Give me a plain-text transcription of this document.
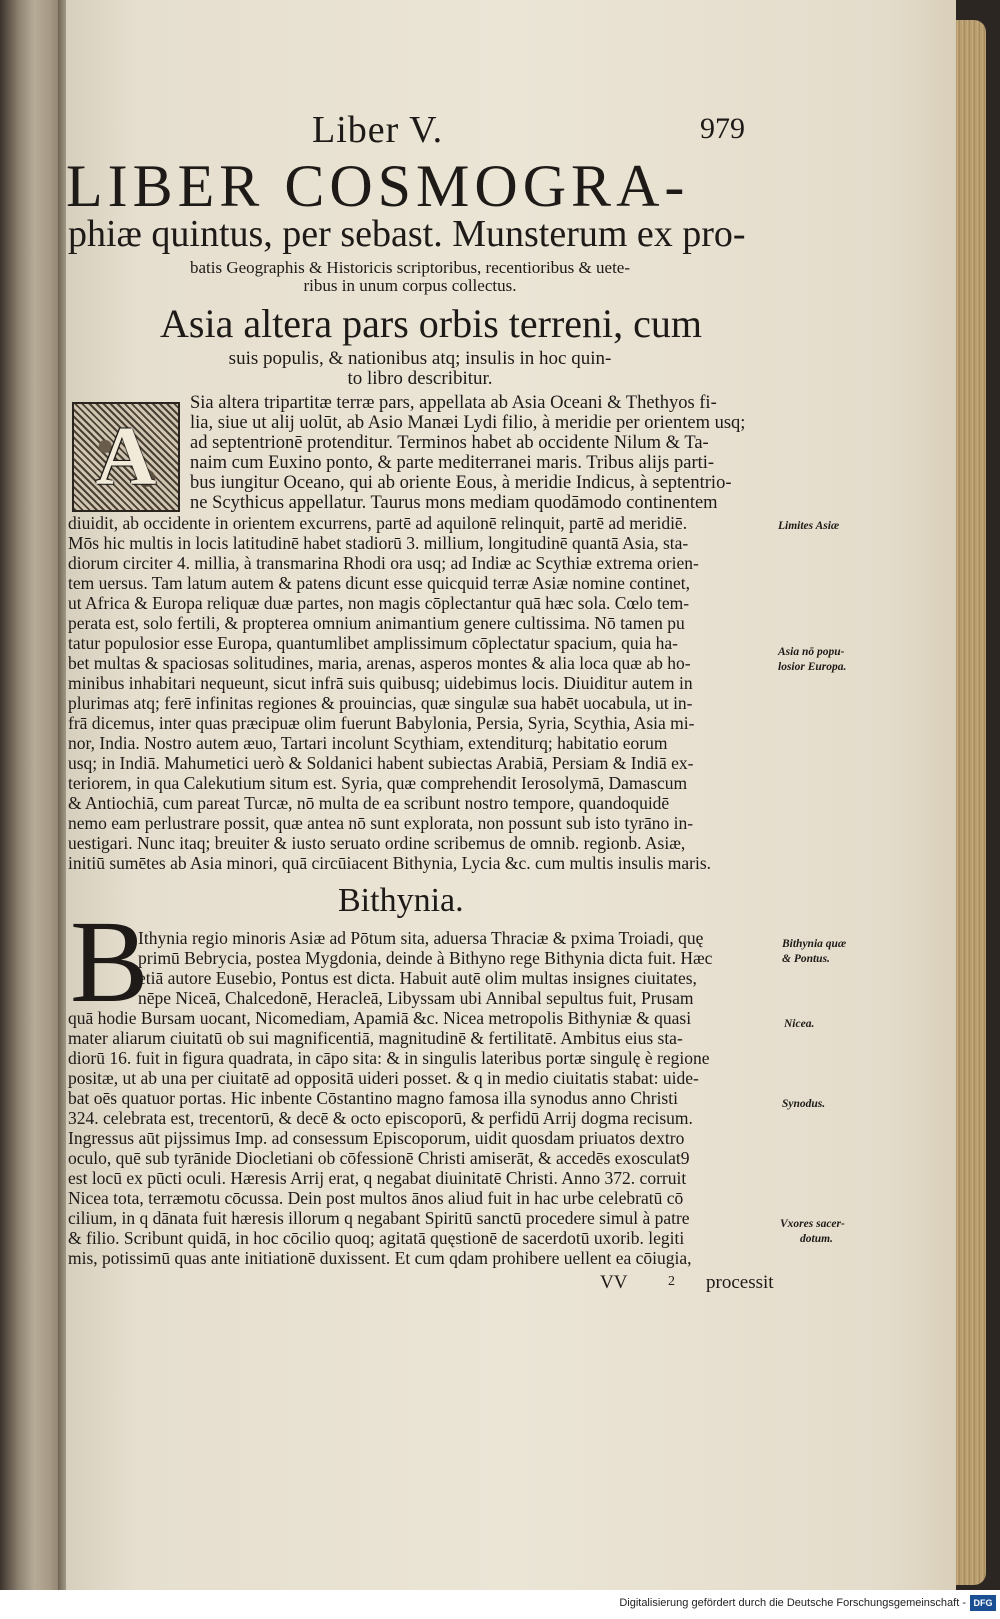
Liber V.	979
LIBER COSMOGRA-
phiæ quintus, per sebast. Munsterum ex pro-
batis Geographis & Historicis scriptoribus, recentioribus & uete-
ribus in unum corpus collectus.
Asia altera pars orbis terreni, cum
suis populis, & nationibus atq; insulis in hoc quin-
to libro describitur.
A
Sia altera tripartitæ terræ pars, appellata ab Asia Oceani & Thethyos fi-
lia, siue ut alij uolūt, ab Asio Manæi Lydi filio, à meridie per orientem usq;
ad septentrionē protenditur. Terminos habet ab occidente Nilum & Ta-
naim cum Euxino ponto, & parte mediterranei maris. Tribus alijs parti-
bus iungitur Oceano, qui ab oriente Eous, à meridie Indicus, à septentrio-
ne Scythicus appellatur. Taurus mons mediam quodāmodo continentem
diuidit, ab occidente in orientem excurrens, partē ad aquilonē relinquit, partē ad meridiē.
Mōs hic multis in locis latitudinē habet stadiorū 3. millium, longitudinē quantā Asia, sta-
diorum circiter 4. millia, à transmarina Rhodi ora usq; ad Indiæ ac Scythiæ extrema orien-
tem uersus. Tam latum autem & patens dicunt esse quicquid terræ Asiæ nomine continet,
ut Africa & Europa reliquæ duæ partes, non magis cōplectantur quā hæc sola. Cœlo tem-
perata est, solo fertili, & propterea omnium animantium genere cultissima. Nō tamen pu
tatur populosior esse Europa, quantumlibet amplissimum cōplectatur spacium, quia ha-
bet multas & spaciosas solitudines, maria, arenas, asperos montes & alia loca quæ ab ho-
minibus inhabitari nequeunt, sicut infrā suis quibusq; uidebimus locis. Diuiditur autem in
plurimas atq; ferē infinitas regiones & prouincias, quæ singulæ sua habēt uocabula, ut in-
frā dicemus, inter quas præcipuæ olim fuerunt Babylonia, Persia, Syria, Scythia, Asia mi-
nor, India. Nostro autem æuo, Tartari incolunt Scythiam, extenditurq; habitatio eorum
usq; in Indiā. Mahumetici uerò & Soldanici habent subiectas Arabiā, Persiam & Indiā ex-
teriorem, in qua Calekutium situm est. Syria, quæ comprehendit Ierosolymā, Damascum
& Antiochiā, cum pareat Turcæ, nō multa de ea scribunt nostro tempore, quandoquidē
nemo eam perlustrare possit, quæ antea nō sunt explorata, non possunt sub isto tyrāno in-
uestigari. Nunc itaq; breuiter & iusto seruato ordine scribemus de omnib. regionb. Asiæ,
initiū sumētes ab Asia minori, quā circūiacent Bithynia, Lycia &c. cum multis insulis maris.
Limites Asiæ
Asia nō popu-
losior Europa.
Bithynia quæ
& Pontus.
Nicea.
Synodus.
Vxores sacer-
dotum.
Bithynia.
B
Ithynia regio minoris Asiæ ad Pōtum sita, aduersa Thraciæ & pxima Troiadi, quę
primū Bebrycia, postea Mygdonia, deinde à Bithyno rege Bithynia dicta fuit. Hæc
etiā autore Eusebio, Pontus est dicta. Habuit autē olim multas insignes ciuitates,
nēpe Niceā, Chalcedonē, Heracleā, Libyssam ubi Annibal sepultus fuit, Prusam
quā hodie Bursam uocant, Nicomediam, Apamiā &c. Nicea metropolis Bithyniæ & quasi
mater aliarum ciuitatū ob sui magnificentiā, magnitudinē & fertilitatē. Ambitus eius sta-
diorū 16. fuit in figura quadrata, in cāpo sita: & in singulis lateribus portæ singulę è regione
positæ, ut ab una per ciuitatē ad oppositā uideri posset. & q in medio ciuitatis stabat: uide-
bat oēs quatuor portas. Hic inbente Cōstantino magno famosa illa synodus anno Christi
324. celebrata est, trecentorū, & decē & octo episcoporū, & perfidū Arrij dogma recisum.
Ingressus aūt pijssimus Imp. ad consessum Episcoporum, uidit quosdam priuatos dextro
oculo, quē sub tyrānide Diocletiani ob cōfessionē Christi amiserāt, & accedēs exosculat9
est locū ex pūcti oculi. Hæresis Arrij erat, q negabat diuinitatē Christi. Anno 372. corruit
Nicea tota, terræmotu cōcussa. Dein post multos ānos aliud fuit in hac urbe celebratū cō
cilium, in q dānata fuit hæresis illorum q negabant Spiritū sanctū procedere simul à patre
& filio. Scribunt quidā, in hoc cōcilio quoq; agitatā quęstionē de sacerdotū uxorib. legiti
mis, potissimū quas ante initiationē duxissent. Et cum qdam prohibere uellent ea cōiugia,
VV	2 processit
Digitalisierung gefördert durch die Deutsche Forschungsgemeinschaft - DFG
